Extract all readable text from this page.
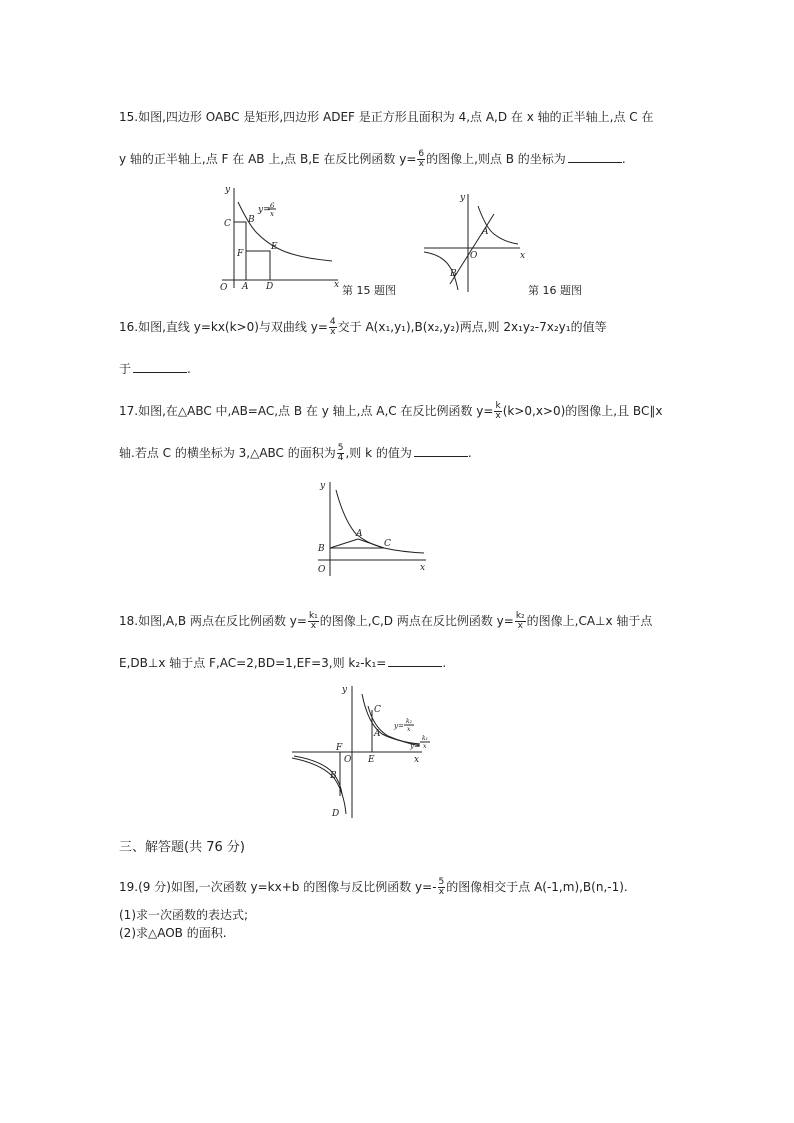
15.如图,四边形 OABC 是矩形,四边形 ADEF 是正方形且面积为 4,点 A,D 在 x 轴的正半轴上,点 C 在
y 轴的正半轴上,点 F 在 AB 上,点 B,E 在反比例函数 $y= \frac{6}{x}$ 的图像上,则点 B 的坐标为	.
y
x
O
C B
F
E
A D
y= 6
x
第 15 题图
y
x
O
A
B
第 16 题图
16.如图,直线 y=kx(k>0)与双曲线 $y= \frac{4}{x}$ 交于 A(x₁,y₁),B(x₂,y₂)两点,则 2x₁y₂-7x₂y₁的值等
于	.
17.如图,在△ABC 中,AB=AC,点 B 在 y 轴上,点 A,C 在反比例函数 $y= \frac{k}{x} (k>0,x>0)$的图像上,且 BC∥x
轴.若点 C 的横坐标为 3,△ABC 的面积为 $\frac{5}{4}$ ,则 k 的值为	.
y
x
O
B
A
C
18.如图,A,B 两点在反比例函数 $y= \frac{\text{k₁}}{x}$ 的图像上,C,D 两点在反比例函数 $y= \frac{\text{k₂}}{x}$ 的图像上,CA⊥x 轴于点
E,DB⊥x 轴于点 F,AC=2,BD=1,EF=3,则 k₂-k₁=	.
y
x
O
C
A
E
F
B
D
y=
k₂
x
y=
k₁
x
三、解答题(共 76 分)
19.(9 分)如图,一次函数 y=kx+b 的图像与反比例函数 $y=- \frac{5}{x}$ 的图像相交于点 A(-1,m),B(n,-1).
(1)求一次函数的表达式;
(2)求△AOB 的面积.
